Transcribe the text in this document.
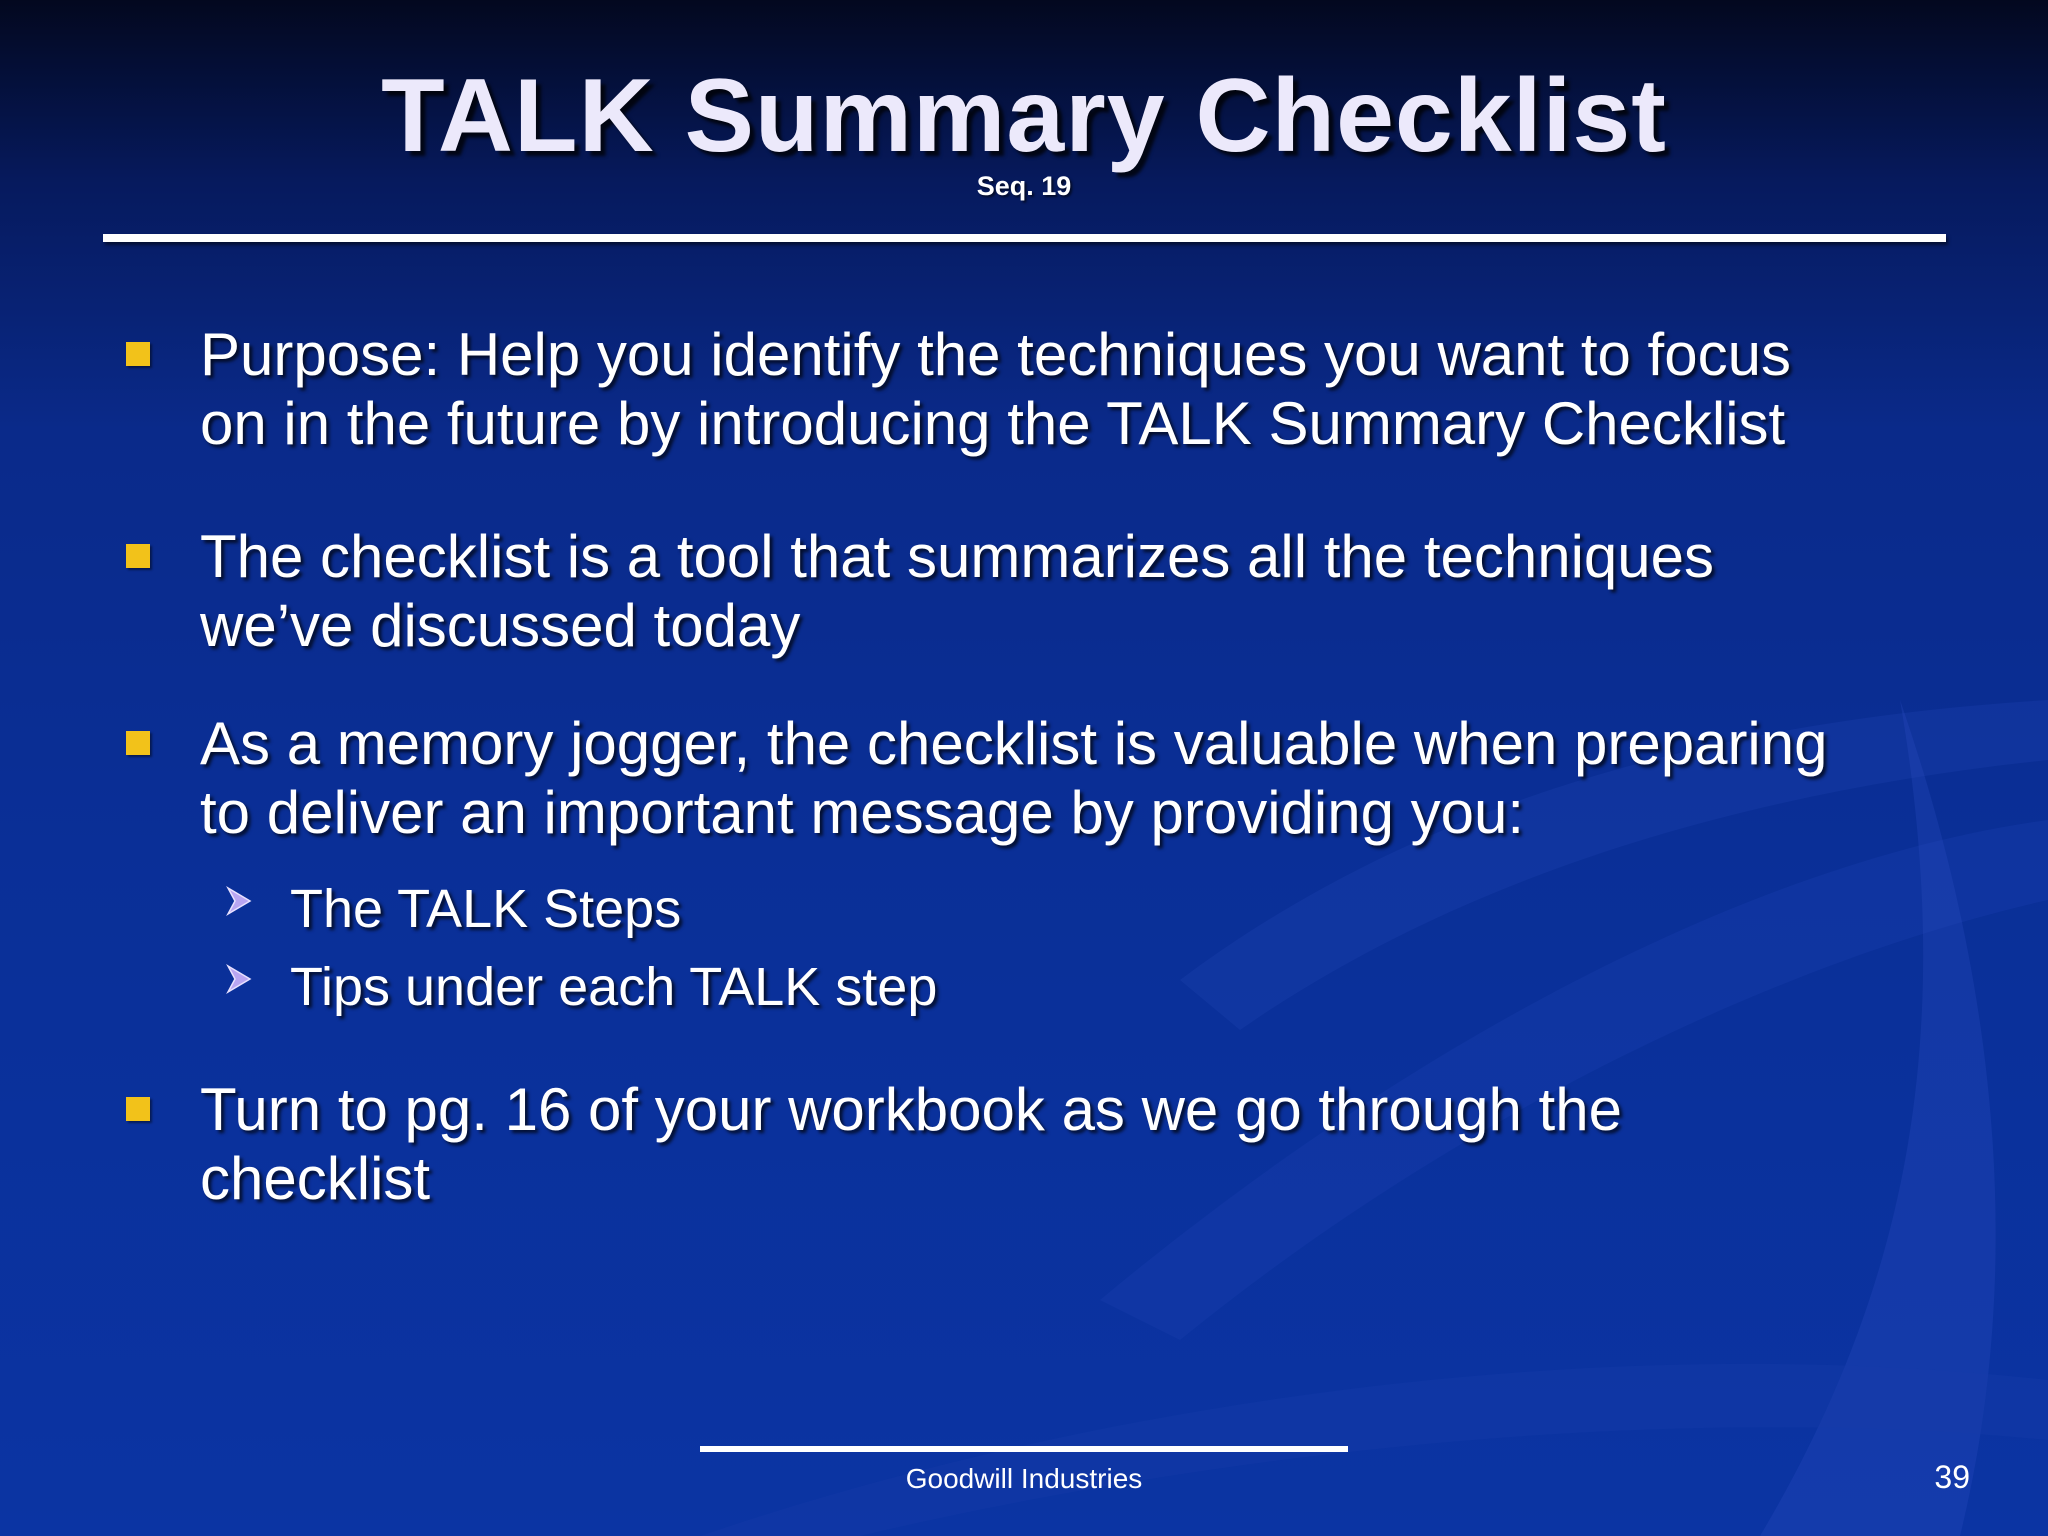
TALK Summary Checklist
Seq. 19
Purpose: Help you identify the techniques you want to focus
on in the future by introducing the TALK Summary Checklist
The checklist is a tool that summarizes all the techniques
we’ve discussed today
As a memory jogger, the checklist is valuable when preparing
to deliver an important message by providing you:
The TALK Steps
Tips under each TALK step
Turn to pg. 16 of your workbook as we go through the
checklist
Goodwill Industries	39
